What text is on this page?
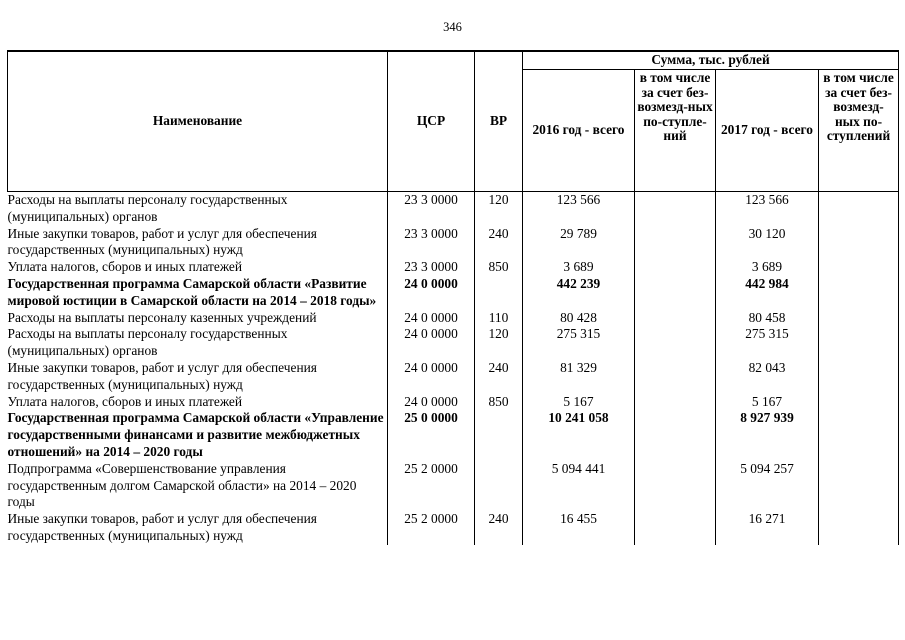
346
Наименование	ЦСР	ВР	Сумма, тыс. рублей			
			2016 год - всего	в том числе за счет без-возмезд-ных по-ступле-ний	2017 год - всего	в том числе за счет без-возмезд-ных по-ступлений
Расходы на выплаты персоналу государственных (муниципальных) органов	23 3 0000	120	123 566		123 566	
Иные закупки товаров, работ и услуг для обеспечения государственных (муниципальных) нужд	23 3 0000	240	29 789		30 120	
Уплата налогов, сборов и иных платежей	23 3 0000	850	3 689		3 689	
Государственная программа Самарской области «Развитие мировой юстиции в Самарской области на 2014 – 2018 годы»	24 0 0000		442 239		442 984	
Расходы на выплаты персоналу казенных учреждений	24 0 0000	110	80 428		80 458	
Расходы на выплаты персоналу государственных (муниципальных) органов	24 0 0000	120	275 315		275 315	
Иные закупки товаров, работ и услуг для обеспечения государственных (муниципальных) нужд	24 0 0000	240	81 329		82 043	
Уплата налогов, сборов и иных платежей	24 0 0000	850	5 167		5 167	
Государственная программа Самарской области «Управление государственными финансами и развитие межбюджетных отношений» на 2014 – 2020 годы	25 0 0000		10 241 058		8 927 939	
Подпрограмма «Совершенствование управления государственным долгом Самарской области» на 2014 – 2020 годы	25 2 0000		5 094 441		5 094 257	
Иные закупки товаров, работ и услуг для обеспечения государственных (муниципальных) нужд	25 2 0000	240	16 455		16 271	
